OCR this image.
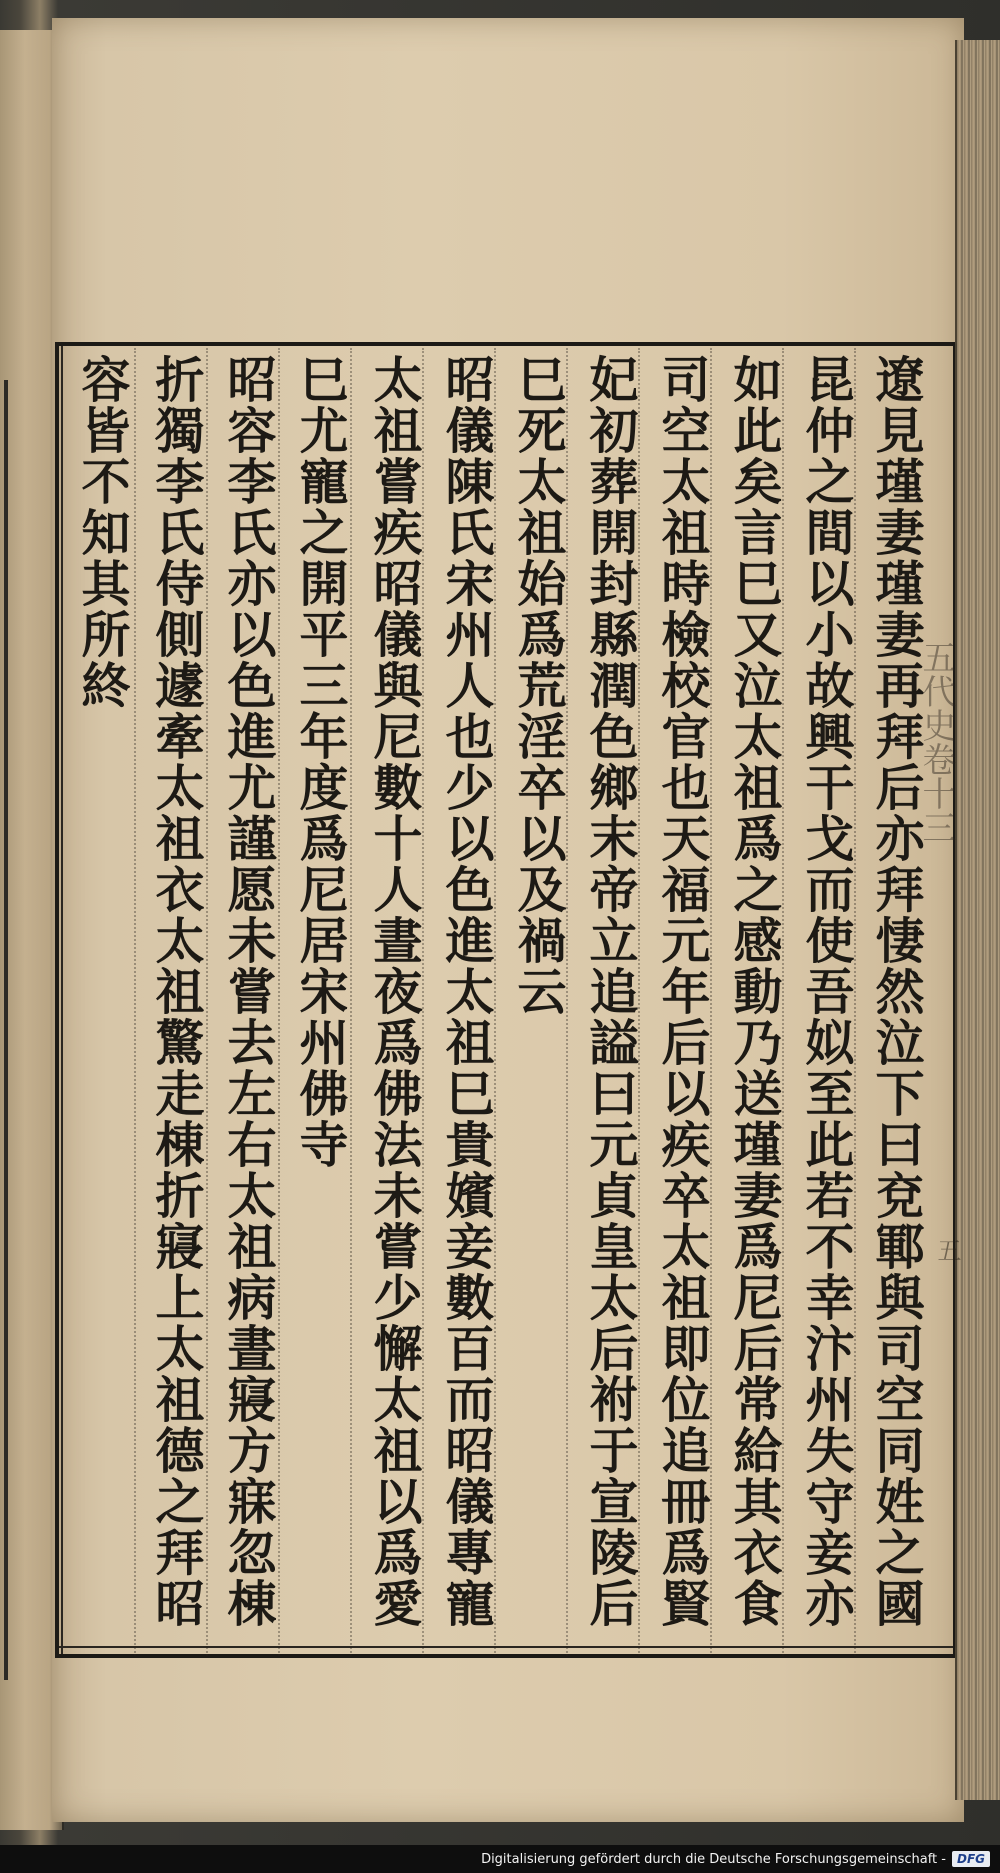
遼見瑾妻瑾妻再拜后亦拜悽然泣下曰兗鄆與司空同姓之國
昆仲之間以小故興干戈而使吾姒至此若不幸汴州失守妾亦
如此矣言巳又泣太祖爲之感動乃送瑾妻爲尼后常給其衣食
司空太祖時檢校官也天福元年后以疾卒太祖即位追冊爲賢
妃初葬開封縣潤色鄉末帝立追謚曰元貞皇太后祔于宣陵后
巳死太祖始爲荒淫卒以及禍云
昭儀陳氏宋州人也少以色進太祖巳貴嬪妾數百而昭儀專寵
太祖嘗疾昭儀與尼數十人晝夜爲佛法未嘗少懈太祖以爲愛
巳尤寵之開平三年度爲尼居宋州佛寺
昭容李氏亦以色進尤謹愿未嘗去左右太祖病晝寢方寐忽棟
折獨李氏侍側遽牽太祖衣太祖驚走棟折寢上太祖德之拜昭
容皆不知其所終
五代史卷十三
五
Digitalisierung gefördert durch die Deutsche Forschungsgemeinschaft - DFG
